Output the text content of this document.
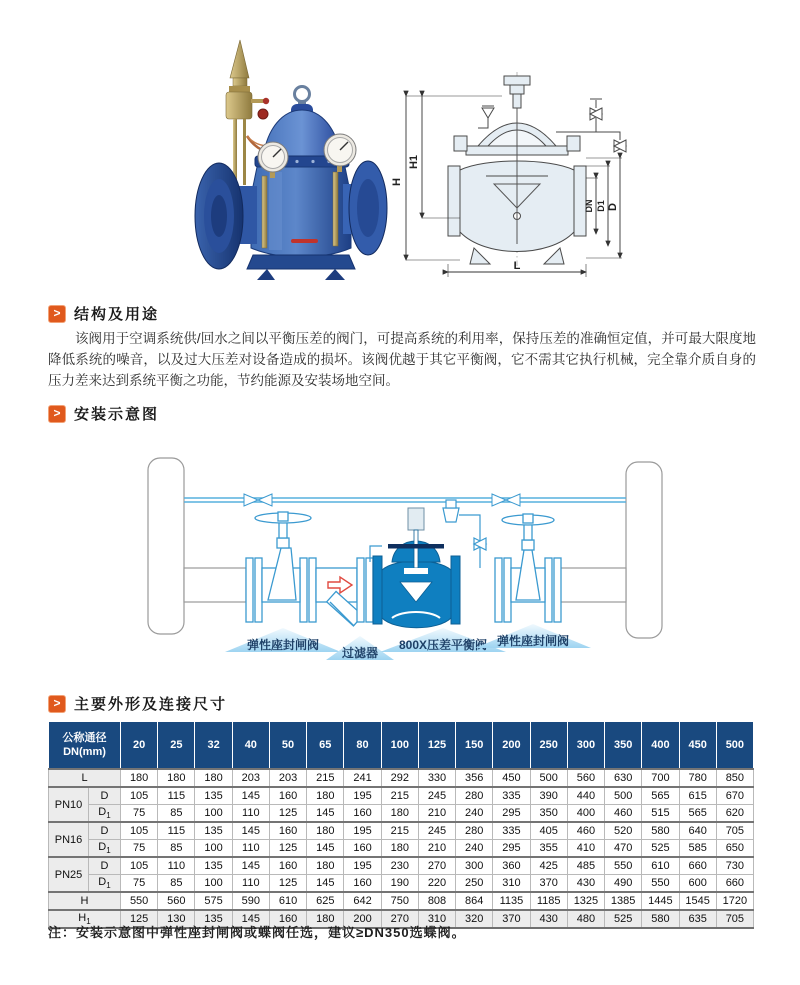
H
H1
DN D1 D
L
> 结构及用途
该阀用于空调系统供/回水之间以平衡压差的阀门，可提高系统的利用率，保持压差的准确恒定值，并可最大限度地降低系统的噪音，以及过大压差对设备造成的损坏。该阀优越于其它平衡阀，它不需其它执行机械，完全靠介质自身的压力差来达到系统平衡之功能，节约能源及安装场地空间。
> 安装示意图
弹性座封闸阀
过滤器
800X压差平衡阀 弹性座封闸阀
> 主要外形及连接尺寸
公称通径
DN(mm)		20	25	32	40	50	65	80	100	125	150	200	250	300	350	400	450	500
L		180	180	180	203	203	215	241	292	330	356	450	500	560	630	700	780	850
PN10	D	105	115	135	145	160	180	195	215	245	280	335	390	440	500	565	615	670
	$D_1$	75	85	100	110	125	145	160	180	210	240	295	350	400	460	515	565	620
PN16	D	105	115	135	145	160	180	195	215	245	280	335	405	460	520	580	640	705
	$D_1$	75	85	100	110	125	145	160	180	210	240	295	355	410	470	525	585	650
PN25	D	105	110	135	145	160	180	195	230	270	300	360	425	485	550	610	660	730
	$D_1$	75	85	100	110	125	145	160	190	220	250	310	370	430	490	550	600	660
H		550	560	575	590	610	625	642	750	808	864	1135	1185	1325	1385	1445	1545	1720
$H_1$		125	130	135	145	160	180	200	270	310	320	370	430	480	525	580	635	705
注：安装示意图中弹性座封闸阀或蝶阀任选，建议≥DN350选蝶阀。
